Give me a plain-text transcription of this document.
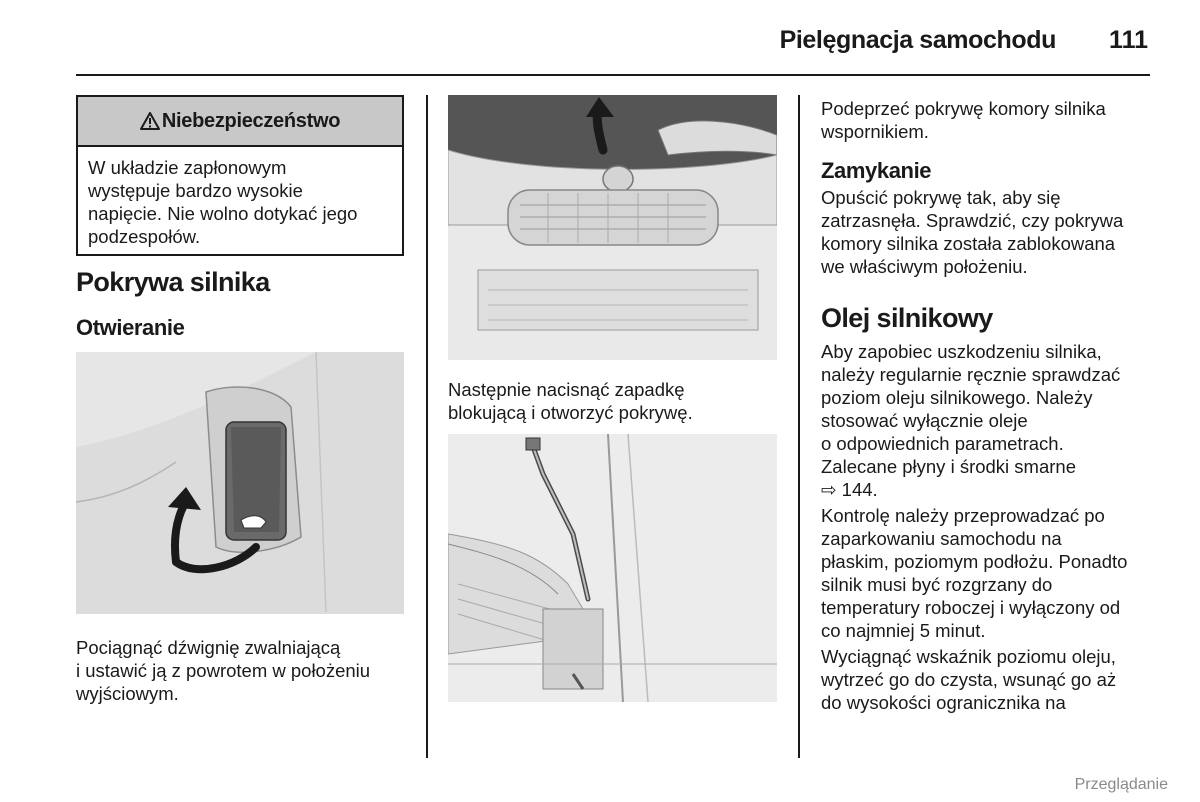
Pielęgnacja samochodu 111
Niebezpieczeństwo

W układzie zapłonowym

występuje bardzo wysokie

napięcie. Nie wolno dotykać jego

podzespołów.

Pokrywa silnika
Otwieranie

Pociągnąć dźwignię zwalniającą

i ustawić ją z powrotem w położeniu

wyjściowym.

Następnie nacisnąć zapadkę

blokującą i otworzyć pokrywę.

Podeprzeć pokrywę komory silnika

wspornikiem.

Zamykanie

Opuścić pokrywę tak, aby się

zatrzasnęła. Sprawdzić, czy pokrywa

komory silnika została zablokowana

we właściwym położeniu.

Olej silnikowy

Aby zapobiec uszkodzeniu silnika,

należy regularnie ręcznie sprawdzać

poziom oleju silnikowego. Należy

stosować wyłącznie oleje

o odpowiednich parametrach.

Zalecane płyny i środki smarne

⇨ 144.

Kontrolę należy przeprowadzać po

zaparkowaniu samochodu na

płaskim, poziomym podłożu. Ponadto

silnik musi być rozgrzany do

temperatury roboczej i wyłączony od

co najmniej 5 minut.

Wyciągnąć wskaźnik poziomu oleju,

wytrzeć go do czysta, wsunąć go aż

do wysokości ogranicznika na

Przeglądanie
